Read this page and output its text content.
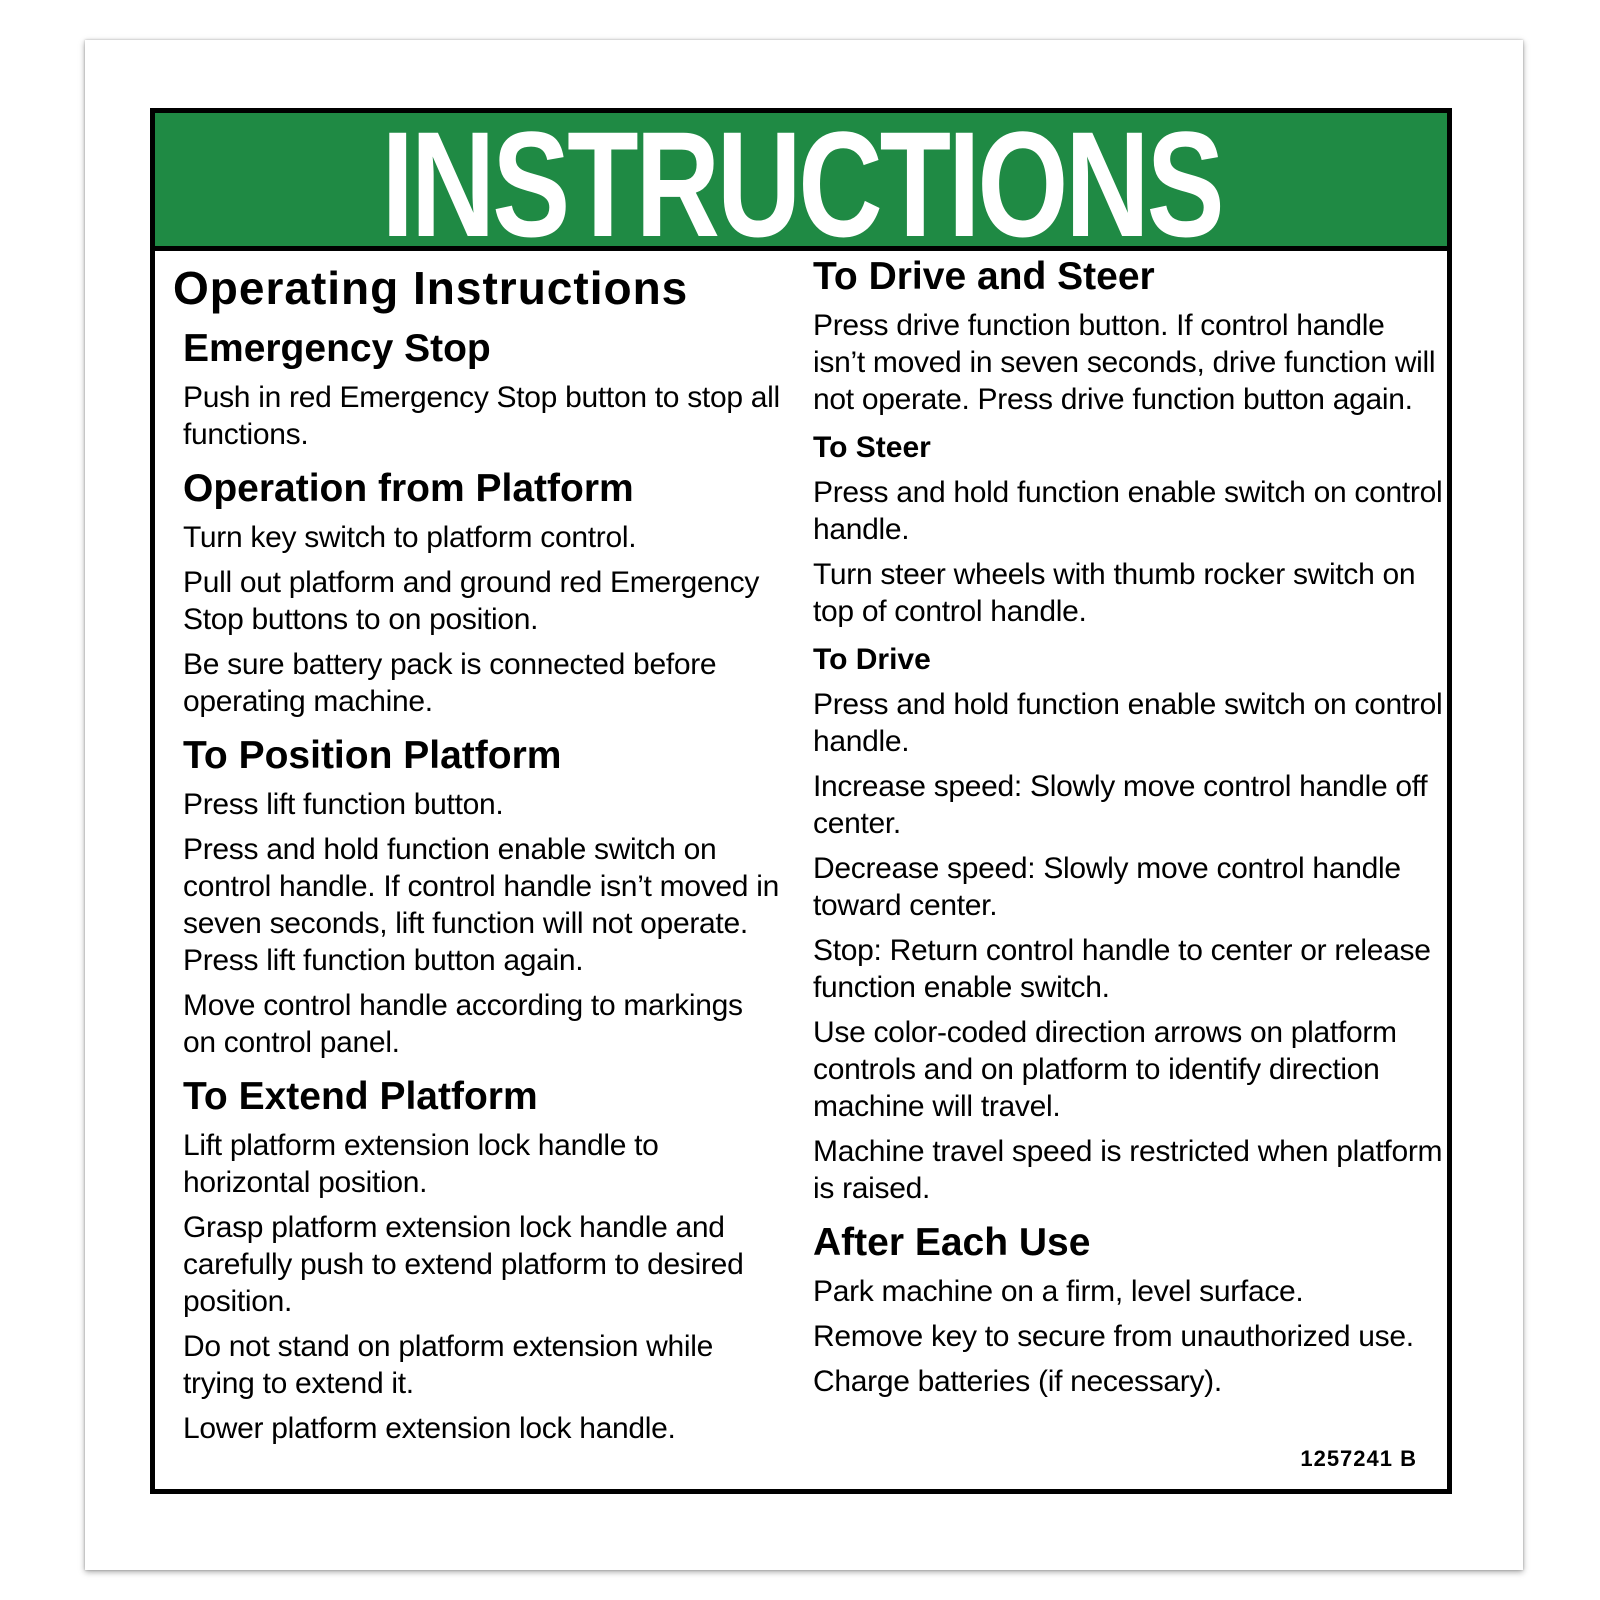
INSTRUCTIONS
Operating Instructions
Emergency Stop

Push in red Emergency Stop button to stop all functions.

Operation from Platform

Turn key switch to platform control.

Pull out platform and ground red Emergency Stop buttons to on position.

Be sure battery pack is connected before operating machine.

To Position Platform

Press lift function button.

Press and hold function enable switch on control handle. If control handle isn’t moved in seven seconds, lift function will not operate. Press lift function button again.

Move control handle according to markings on control panel.

To Extend Platform

Lift platform extension lock handle to horizontal position.

Grasp platform extension lock handle and carefully push to extend platform to desired position.

Do not stand on platform extension while trying to extend it.

Lower platform extension lock handle.

To Drive and Steer

Press drive function button. If control handle isn’t moved in seven seconds, drive function will not operate. Press drive function button again.

To Steer

Press and hold function enable switch on control handle.

Turn steer wheels with thumb rocker switch on top of control handle.

To Drive

Press and hold function enable switch on control handle.

Increase speed: Slowly move control handle off center.

Decrease speed: Slowly move control handle toward center.

Stop: Return control handle to center or release function enable switch.

Use color-coded direction arrows on platform controls and on platform to identify direction machine will travel.

Machine travel speed is restricted when platform is raised.

After Each Use

Park machine on a firm, level surface.

Remove key to secure from unauthorized use.

Charge batteries (if necessary).

1257241 B
